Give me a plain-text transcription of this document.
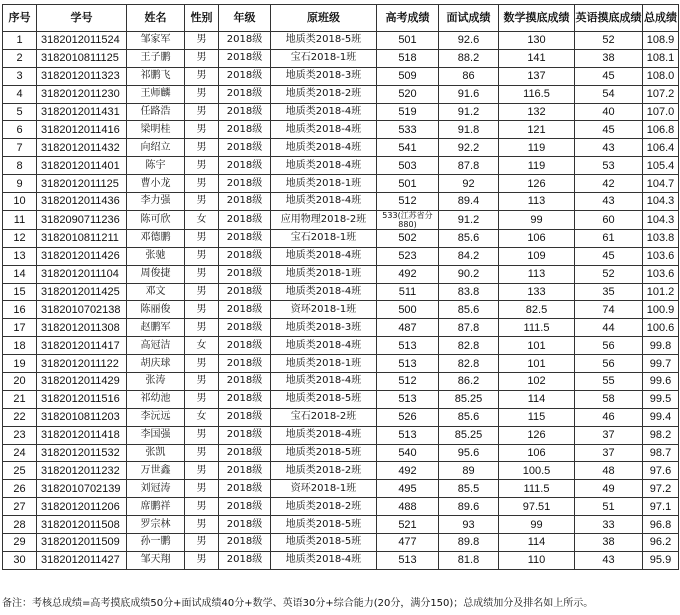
序号	学号	姓名	性别	年级	原班级	高考成绩	面试成绩	数学摸底成绩	英语摸底成绩	总成绩
1	3182012011524	邹家军	男	2018级	地质类2018-5班	501	92.6	130	52	108.9
2	3182010811125	王子鹏	男	2018级	宝石2018-1班	518	88.2	141	38	108.1
3	3182012011323	祁鹏飞	男	2018级	地质类2018-3班	509	86	137	45	108.0
4	3182012011230	王师麟	男	2018级	地质类2018-2班	520	91.6	116.5	54	107.2
5	3182012011431	任路浩	男	2018级	地质类2018-4班	519	91.2	132	40	107.0
6	3182012011416	梁明桂	男	2018级	地质类2018-4班	533	91.8	121	45	106.8
7	3182012011432	向绍立	男	2018级	地质类2018-4班	541	92.2	119	43	106.4
8	3182012011401	陈宇	男	2018级	地质类2018-4班	503	87.8	119	53	105.4
9	3182012011125	曹小龙	男	2018级	地质类2018-1班	501	92	126	42	104.7
10	3182012011436	李力强	男	2018级	地质类2018-4班	512	89.4	113	43	104.3
11	3182090711236	陈可欣	女	2018级	应用物理2018-2班	533(江苏省分880)	91.2	99	60	104.3
12	3182010811211	邓德鹏	男	2018级	宝石2018-1班	502	85.6	106	61	103.8
13	3182012011426	张驰	男	2018级	地质类2018-4班	523	84.2	109	45	103.6
14	3182012011104	周俊捷	男	2018级	地质类2018-1班	492	90.2	113	52	103.6
15	3182012011425	邓文	男	2018级	地质类2018-4班	511	83.8	133	35	101.2
16	3182010702138	陈丽俊	男	2018级	资环2018-1班	500	85.6	82.5	74	100.9
17	3182012011308	赵鹏军	男	2018级	地质类2018-3班	487	87.8	111.5	44	100.6
18	3182012011417	高冠洁	女	2018级	地质类2018-4班	513	82.8	101	56	99.8
19	3182012011122	胡庆球	男	2018级	地质类2018-1班	513	82.8	101	56	99.7
20	3182012011429	张涛	男	2018级	地质类2018-4班	512	86.2	102	55	99.6
21	3182012011516	祁幼池	男	2018级	地质类2018-5班	513	85.25	114	58	99.5
22	3182010811203	李沅远	女	2018级	宝石2018-2班	526	85.6	115	46	99.4
23	3182012011418	李国强	男	2018级	地质类2018-4班	513	85.25	126	37	98.2
24	3182012011532	张凯	男	2018级	地质类2018-5班	540	95.6	106	37	98.7
25	3182012011232	万世鑫	男	2018级	地质类2018-2班	492	89	100.5	48	97.6
26	3182010702139	刘冠涛	男	2018级	资环2018-1班	495	85.5	111.5	49	97.2
27	3182012011206	席鹏祥	男	2018级	地质类2018-2班	488	89.6	97.51	51	97.1
28	3182012011508	罗宗林	男	2018级	地质类2018-5班	521	93	99	33	96.8
29	3182012011509	孙一鹏	男	2018级	地质类2018-5班	477	89.8	114	38	96.2
30	3182012011427	邹天翔	男	2018级	地质类2018-4班	513	81.8	110	43	95.9
备注：考核总成绩=高考摸底成绩50分+面试成绩40分+数学、英语30分+综合能力(20分，满分150)；总成绩加分及排名如上所示。
